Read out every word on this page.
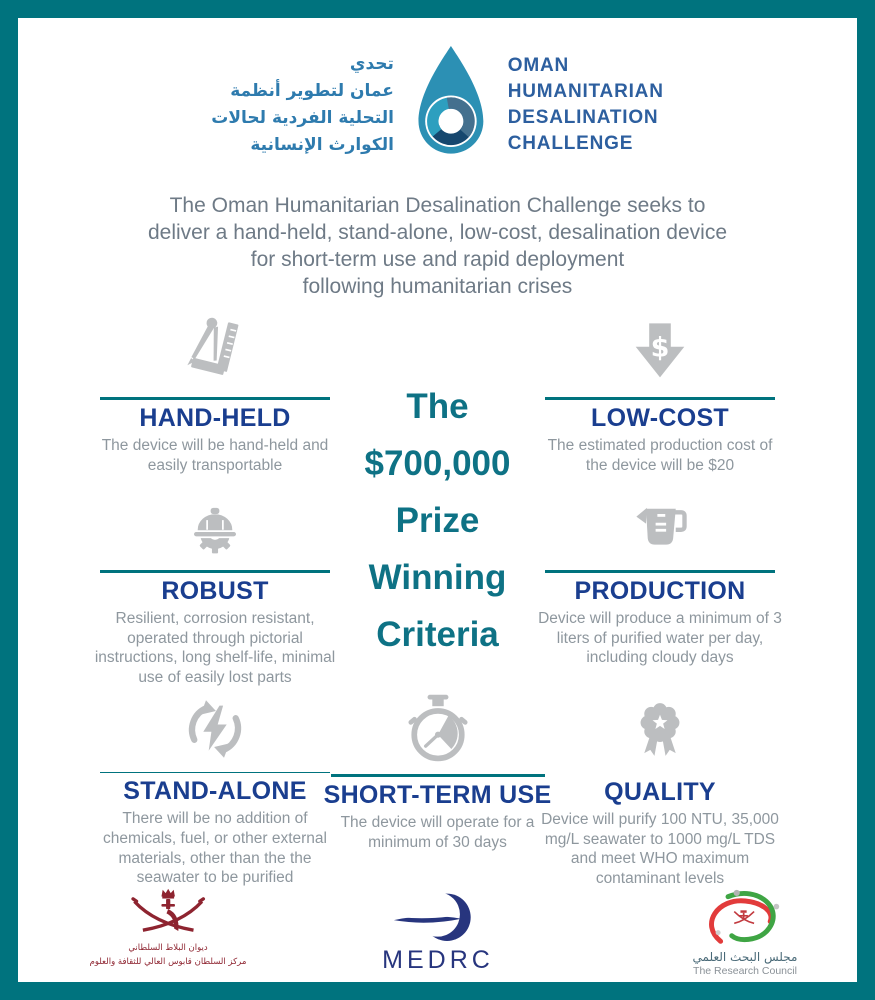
تحدي
عمان لتطوير أنظمة
التحلية الفردية لحالات
الكوارث الإنسانية
OMAN
HUMANITARIAN
DESALINATION
CHALLENGE
The Oman Humanitarian Desalination Challenge seeks to
deliver a hand-held, stand-alone, low-cost, desalination device
for short-term use and rapid deployment
following humanitarian crises
HAND-HELD
The device will be hand-held and easily transportable
The
$700,000
Prize
Winning
Criteria
$
LOW-COST
The estimated production cost of the device will be $20
ROBUST
Resilient, corrosion resistant, operated through pictorial instructions, long shelf-life, minimal use of easily lost parts
PRODUCTION
Device will produce a minimum of 3 liters of purified water per day, including cloudy days
STAND-ALONE
There will be no addition of chemicals, fuel, or other external materials, other than the the seawater to be purified
SHORT-TERM USE
The device will operate for a minimum of 30 days
QUALITY
Device will purify 100 NTU, 35,000 mg/L seawater to 1000 mg/L TDS and meet WHO maximum contaminant levels
ديوان البلاط السلطاني
مركز السلطان قابوس العالي للثقافة والعلوم	MEDRC	مجلس البحث العلمي
The Research Council
